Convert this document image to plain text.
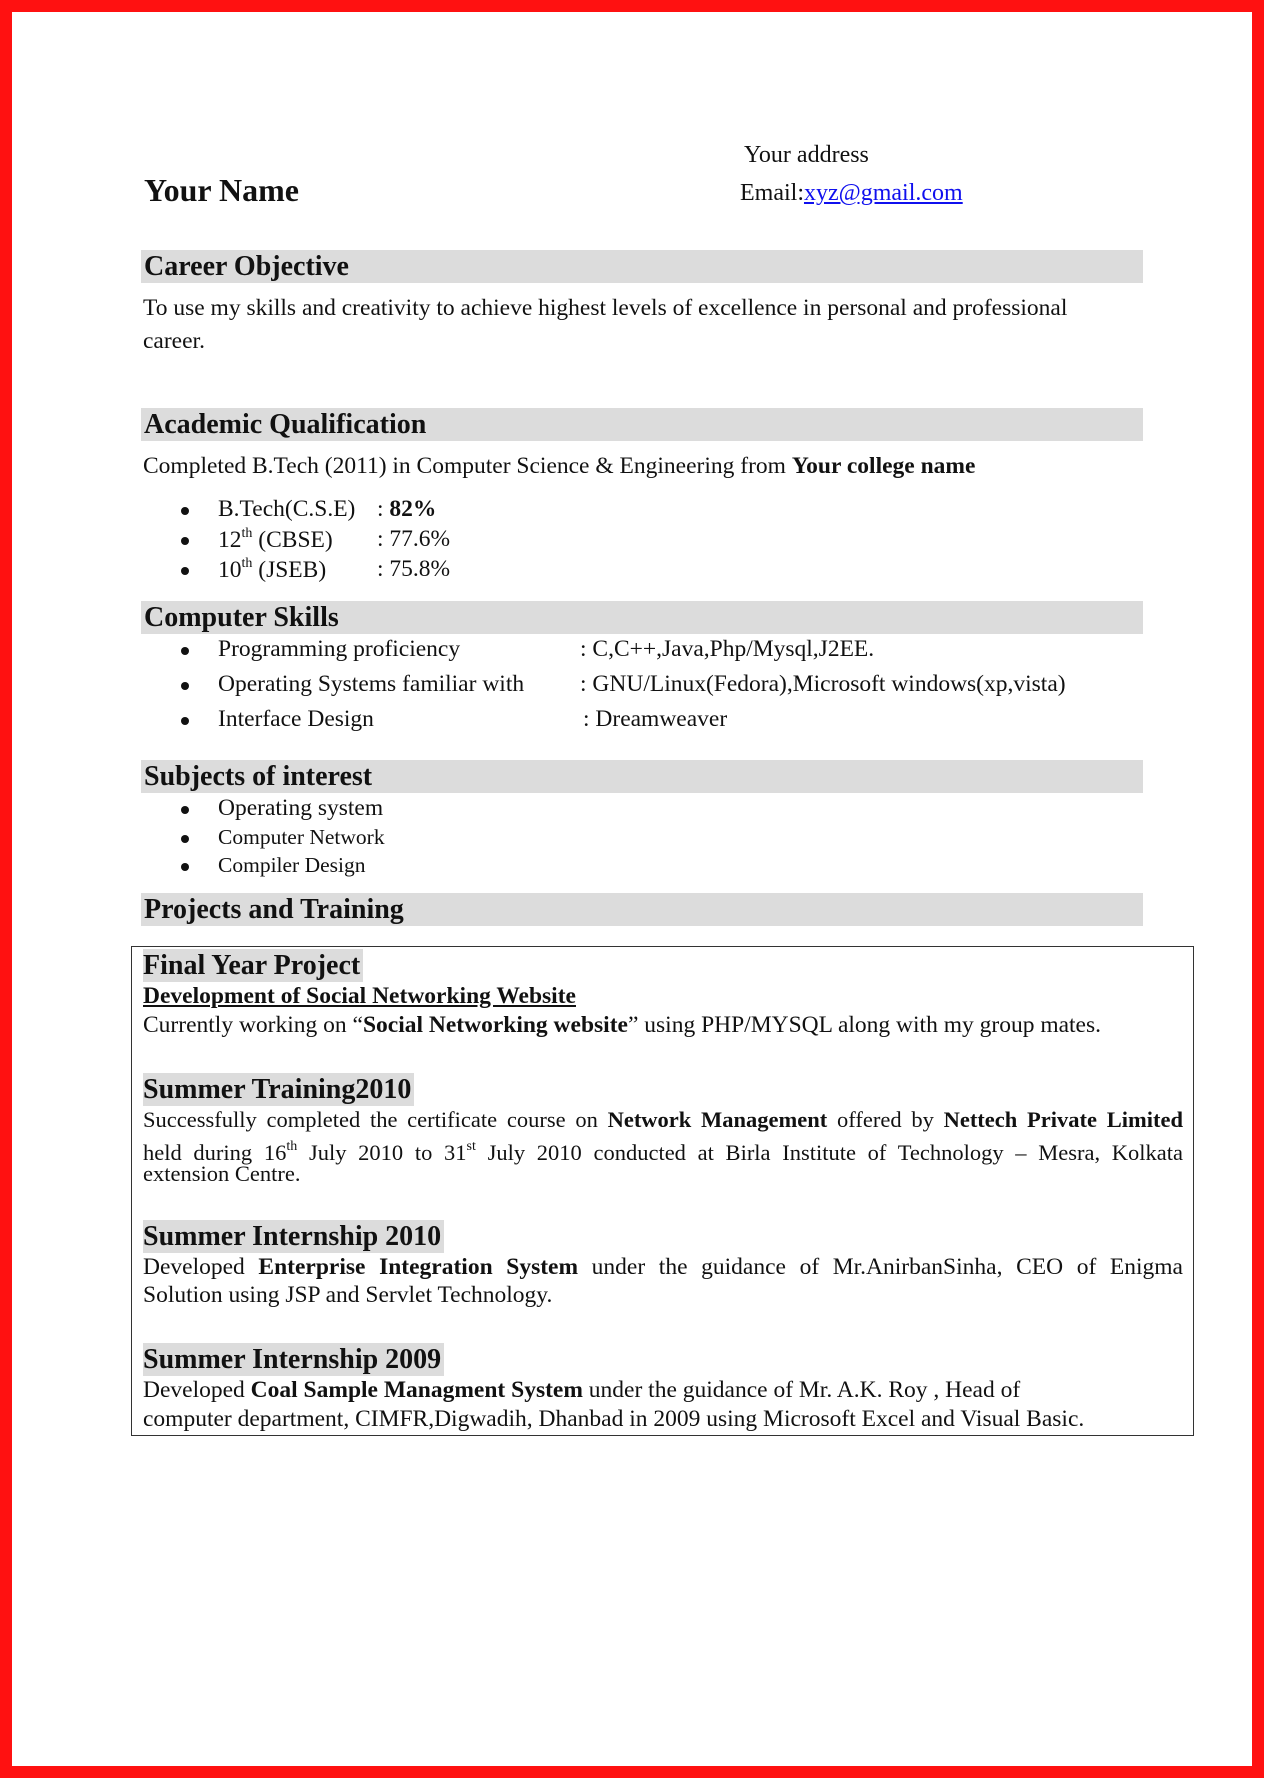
Your Name
Your address
Email:xyz@gmail.com
Career Objective
To use my skills and creativity to achieve highest levels of excellence in personal and professional
career.
Academic Qualification
Completed B.Tech (2011) in Computer Science & Engineering from Your college name
B.Tech(C.S.E) : 82%
12th (CBSE) : 77.6%
10th (JSEB) : 75.8%
Computer Skills
Programming proficiency	: C,C++,Java,Php/Mysql,J2EE.
Operating Systems familiar with : GNU/Linux(Fedora),Microsoft windows(xp,vista)
Interface Design	: Dreamweaver
Subjects of interest
Operating system
Computer Network
Compiler Design
Projects and Training
Final Year Project
Development of Social Networking Website
Currently working on “Social Networking website” using PHP/MYSQL along with my group mates.
Summer Training2010
Successfully completed the certificate course on Network Management offered by Nettech Private Limited
held during 16th July 2010 to 31st July 2010 conducted at Birla Institute of Technology – Mesra, Kolkata
extension Centre.
Summer Internship 2010
Developed Enterprise Integration System under the guidance of Mr.AnirbanSinha, CEO of Enigma
Solution using JSP and Servlet Technology.
Summer Internship 2009
Developed Coal Sample Managment System under the guidance of Mr. A.K. Roy , Head of
computer department, CIMFR,Digwadih, Dhanbad in 2009 using Microsoft Excel and Visual Basic.
